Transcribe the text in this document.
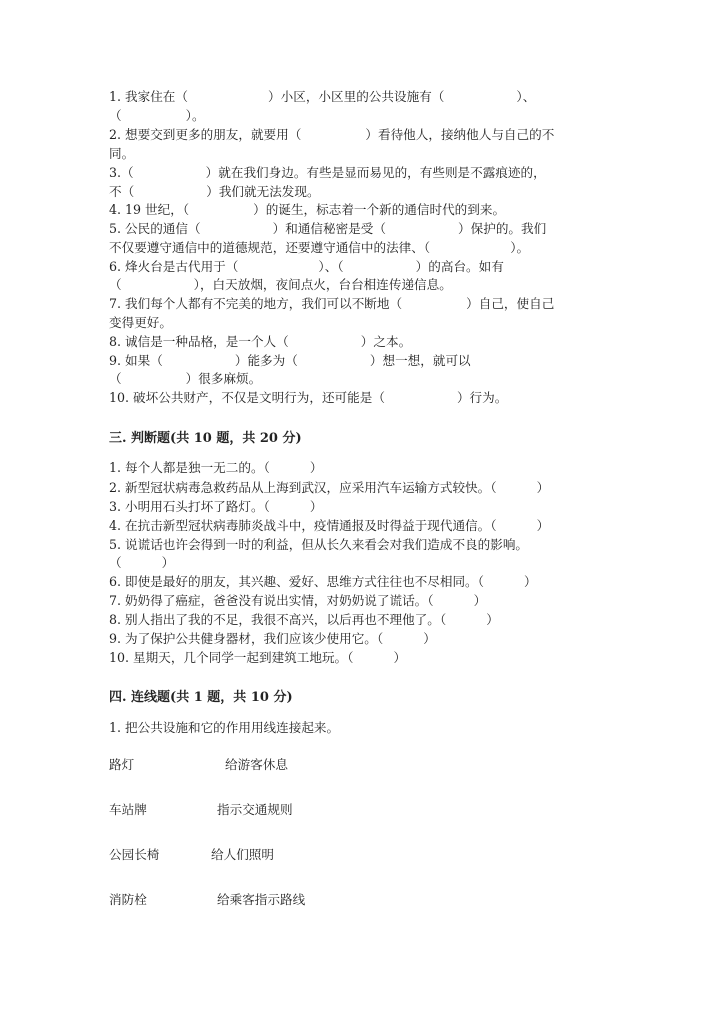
1. 我家住在（                    ）小区，小区里的公共设施有（                  ）、
（                ）。
2. 想要交到更多的朋友，就要用（                ）看待他人，接纳他人与自己的不
同。
3.（                  ）就在我们身边。有些是显而易见的，有些则是不露痕迹的，
不（                  ）我们就无法发现。
4. 19 世纪，（                ）的诞生，标志着一个新的通信时代的到来。
5. 公民的通信（                  ）和通信秘密是受（                  ）保护的。我们
不仅要遵守通信中的道德规范，还要遵守通信中的法律、（                    ）。
6. 烽火台是古代用于（                    ）、（                  ）的高台。如有
（                  ），白天放烟，夜间点火，台台相连传递信息。
7. 我们每个人都有不完美的地方，我们可以不断地（                ）自己，使自己
变得更好。
8. 诚信是一种品格，是一个人（                  ）之本。
9. 如果（                  ）能多为（                  ）想一想，就可以
（                ）很多麻烦。
10. 破坏公共财产，不仅是文明行为，还可能是（                  ）行为。
三. 判断题(共 10 题，共 20 分)
1. 每个人都是独一无二的。（          ）
2. 新型冠状病毒急救药品从上海到武汉，应采用汽车运输方式较快。（          ）
3. 小明用石头打坏了路灯。（          ）
4. 在抗击新型冠状病毒肺炎战斗中，疫情通报及时得益于现代通信。（          ）
5. 说谎话也许会得到一时的利益，但从长久来看会对我们造成不良的影响。
（          ）
6. 即使是最好的朋友，其兴趣、爱好、思维方式往往也不尽相同。（          ）
7. 奶奶得了癌症，爸爸没有说出实情，对奶奶说了谎话。（          ）
8. 别人指出了我的不足，我很不高兴，以后再也不理他了。（          ）
9. 为了保护公共健身器材，我们应该少使用它。（          ）
10. 星期天，几个同学一起到建筑工地玩。（          ）
四. 连线题(共 1 题，共 10 分)
1. 把公共设施和它的作用用线连接起来。
路灯	给游客休息
车站牌	指示交通规则
公园长椅	给人们照明
消防栓	给乘客指示路线
